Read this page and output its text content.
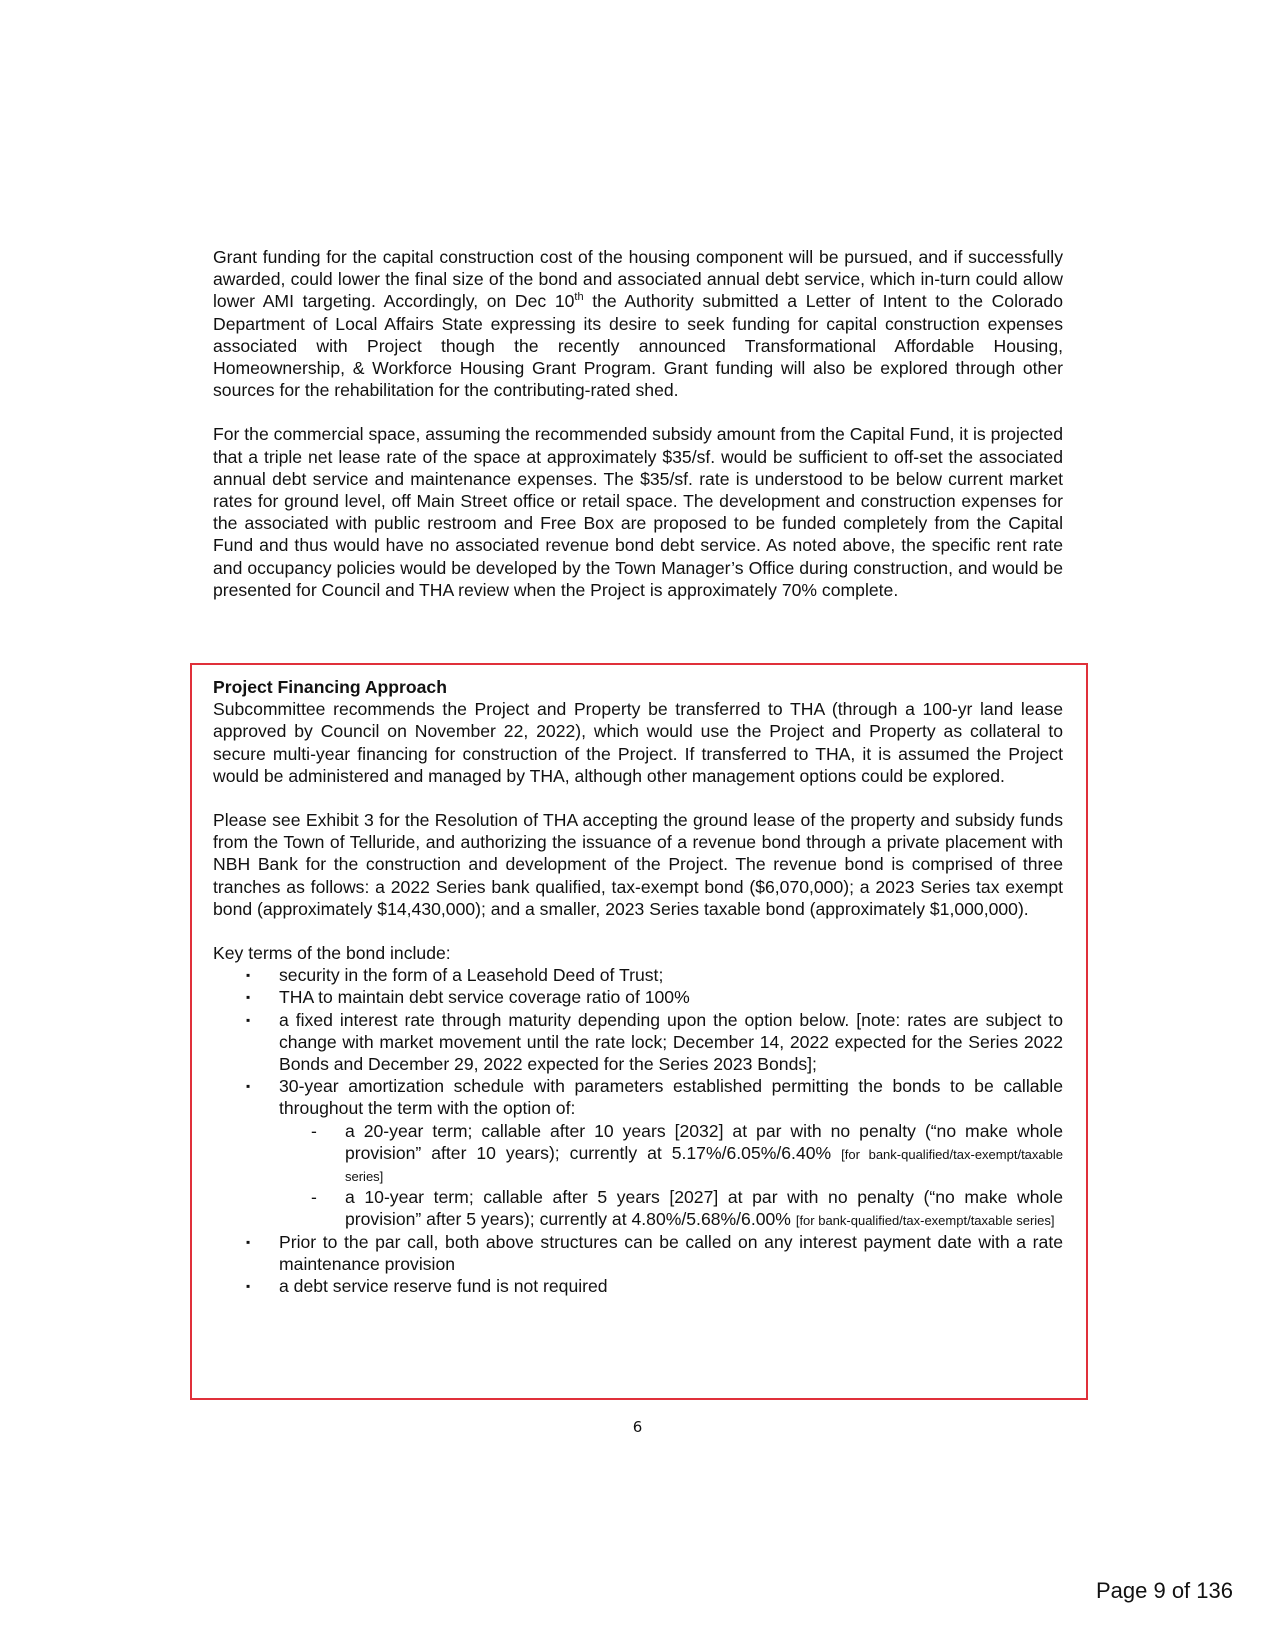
Grant funding for the capital construction cost of the housing component will be pursued, and if successfully awarded, could lower the final size of the bond and associated annual debt service, which in-turn could allow lower AMI targeting. Accordingly, on Dec 10th the Authority submitted a Letter of Intent to the Colorado Department of Local Affairs State expressing its desire to seek funding for capital construction expenses associated with Project though the recently announced Transformational Affordable Housing, Homeownership, & Workforce Housing Grant Program. Grant funding will also be explored through other sources for the rehabilitation for the contributing-rated shed.

For the commercial space, assuming the recommended subsidy amount from the Capital Fund, it is projected that a triple net lease rate of the space at approximately $35/sf. would be sufficient to off-set the associated annual debt service and maintenance expenses. The $35/sf. rate is understood to be below current market rates for ground level, off Main Street office or retail space. The development and construction expenses for the associated with public restroom and Free Box are proposed to be funded completely from the Capital Fund and thus would have no associated revenue bond debt service. As noted above, the specific rent rate and occupancy policies would be developed by the Town Manager’s Office during construction, and would be presented for Council and THA review when the Project is approximately 70% complete.

Project Financing Approach

Subcommittee recommends the Project and Property be transferred to THA (through a 100-yr land lease approved by Council on November 22, 2022), which would use the Project and Property as collateral to secure multi-year financing for construction of the Project. If transferred to THA, it is assumed the Project would be administered and managed by THA, although other management options could be explored.

Please see Exhibit 3 for the Resolution of THA accepting the ground lease of the property and subsidy funds from the Town of Telluride, and authorizing the issuance of a revenue bond through a private placement with NBH Bank for the construction and development of the Project. The revenue bond is comprised of three tranches as follows: a 2022 Series bank qualified, tax-exempt bond ($6,070,000); a 2023 Series tax exempt bond (approximately $14,430,000); and a smaller, 2023 Series taxable bond (approximately $1,000,000).

Key terms of the bond include:

▪ security in the form of a Leasehold Deed of Trust;
▪ THA to maintain debt service coverage ratio of 100%
▪ a fixed interest rate through maturity depending upon the option below. [note: rates are subject to change with market movement until the rate lock; December 14, 2022 expected for the Series 2022 Bonds and December 29, 2022 expected for the Series 2023 Bonds];
▪ 30-year amortization schedule with parameters established permitting the bonds to be callable throughout the term with the option of:
- a 20-year term; callable after 10 years [2032] at par with no penalty (“no make whole provision” after 10 years); currently at 5.17%/6.05%/6.40% [for bank-qualified/tax-exempt/taxable series]
- a 10-year term; callable after 5 years [2027] at par with no penalty (“no make whole provision” after 5 years); currently at 4.80%/5.68%/6.00% [for bank-qualified/tax-exempt/taxable series]
▪ Prior to the par call, both above structures can be called on any interest payment date with a rate maintenance provision
▪ a debt service reserve fund is not required
6
Page 9 of 136
